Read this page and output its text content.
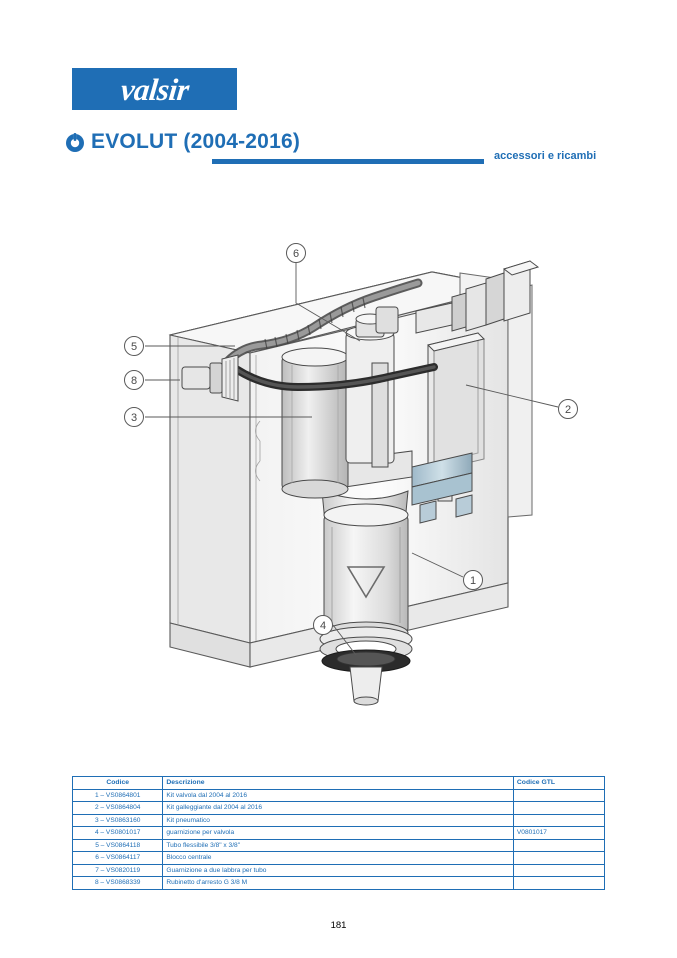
valsir
EVOLUT (2004-2016)
accessori e ricambi
6
5
8
3
2
1
4
Codice	Descrizione	Codice GTL
1 – VS0864801	Kit valvola dal 2004 al 2016	
2 – VS0864804	Kit galleggiante dal 2004 al 2016	
3 – VS0863160	Kit pneumatico	
4 – VS0801017	guarnizione per valvola	V0801017
5 – VS0864118	Tubo flessibile 3/8" x 3/8"	
6 – VS0864117	Blocco centrale	
7 – VS0820119	Guarnizione a due labbra per tubo	
8 – VS0868339	Rubinetto d'arresto G 3/8 M	
181
